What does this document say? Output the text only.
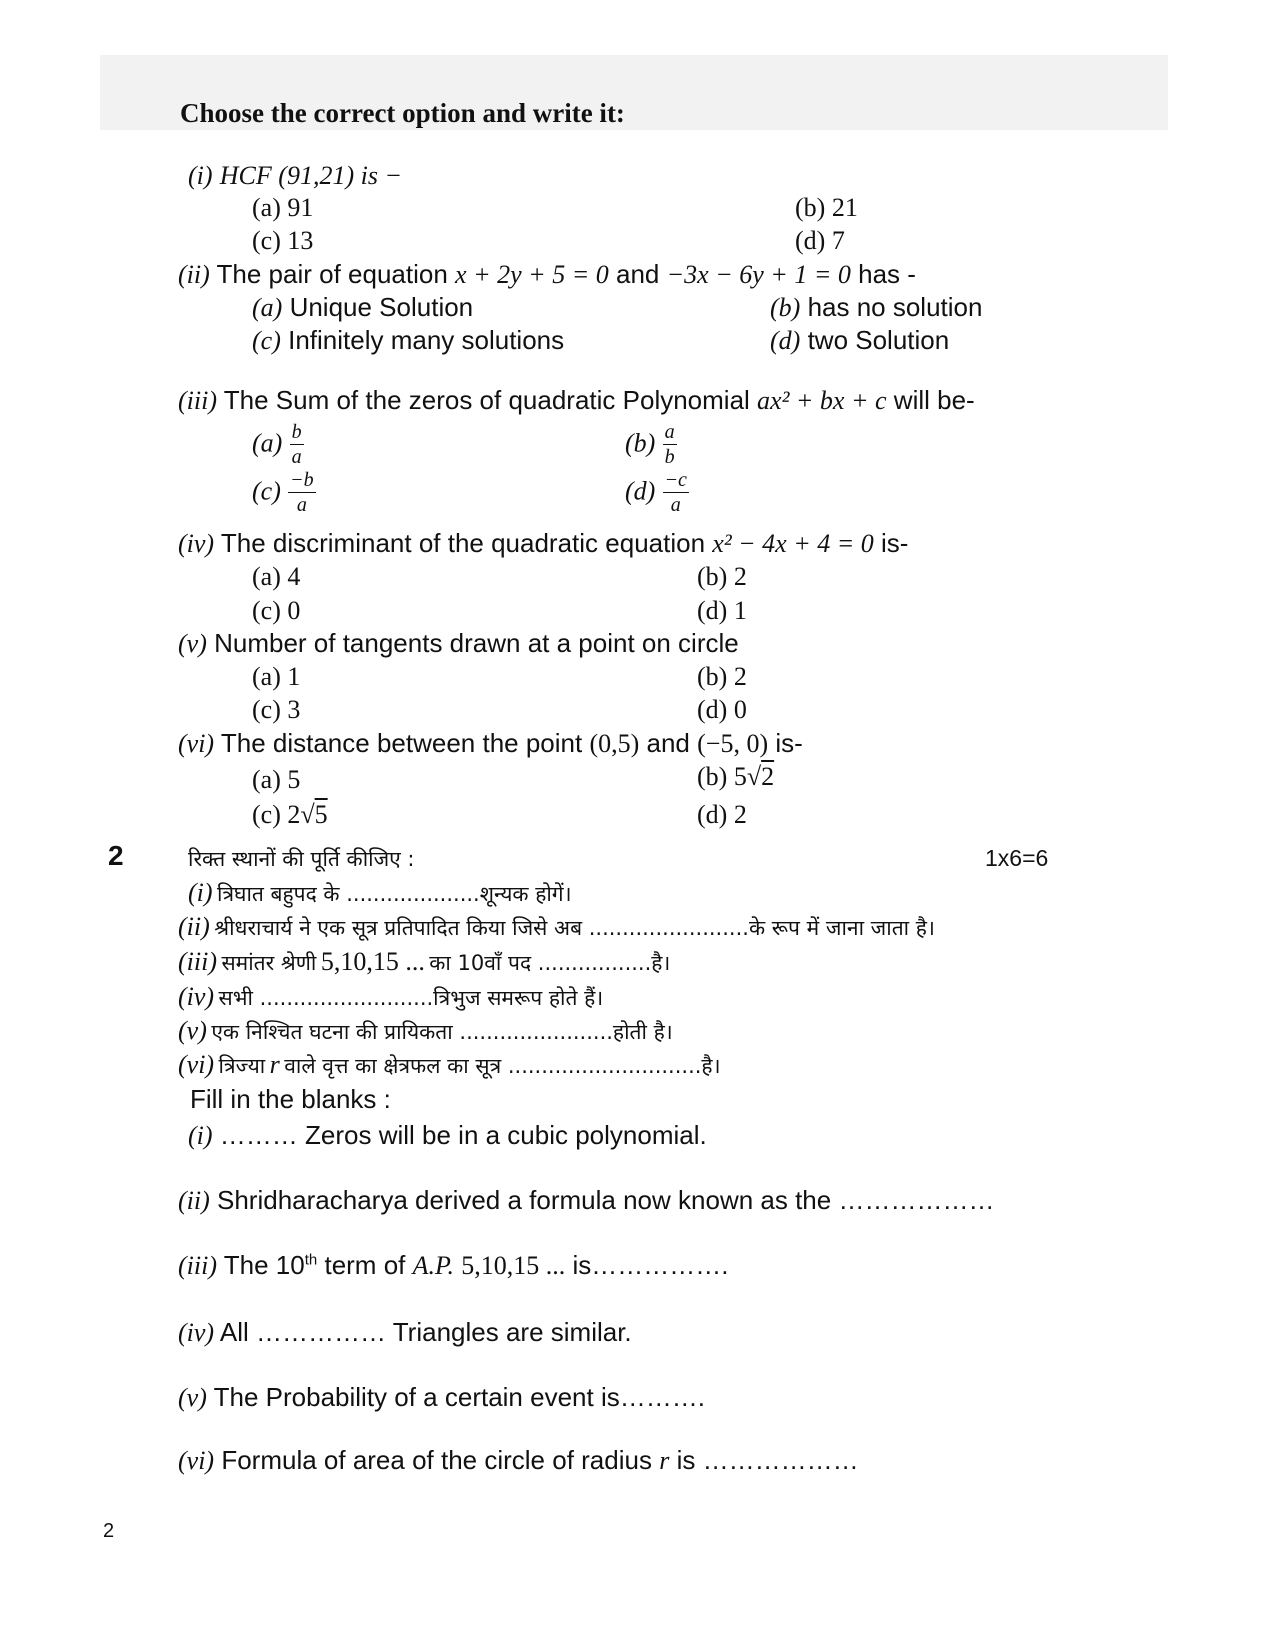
Choose the correct option and write it:
(i) HCF (91,21) is −
(a) 91	(b) 21
(c) 13	(d) 7
(ii) The pair of equation x + 2y + 5 = 0 and −3x − 6y + 1 = 0 has -
(a) Unique Solution	(b) has no solution
(c) Infinitely many solutions	(d) two Solution
(iii) The Sum of the zeros of quadratic Polynomial ax² + bx + c will be-
$(a) \frac{b}{a}$	$(b) \frac{a}{b}$
$(c) \frac{-b}{a}$	$(d) \frac{-c}{a}$
(iv) The discriminant of the quadratic equation x² − 4x + 4 = 0 is-
(a) 4	(b) 2
(c) 0	(d) 1
(v) Number of tangents drawn at a point on circle
(a) 1	(b) 2
(c) 3	(d) 0
(vi) The distance between the point (0,5) and (−5, 0) is-
(a) 5	(b) 5√2
(c) 2√5	(d) 2
2	रिक्त स्थानों की पूर्ति कीजिए :	1x6=6
(i) त्रिघात बहुपद के ....................शून्यक होगें।
(ii) श्रीधराचार्य ने एक सूत्र प्रतिपादित किया जिसे अब ........................के रूप में जाना जाता है।
(iii) समांतर श्रेणी 5,10,15 ... का 10वॉं पद .................है।
(iv) सभी ..........................त्रिभुज समरूप होते हैं।
(v) एक निश्चित घटना की प्रायिकता .......................होती है।
(vi) त्रिज्या r वाले वृत्त का क्षेत्रफल का सूत्र .............................है।
Fill in the blanks :
(i) ……… Zeros will be in a cubic polynomial.
(ii) Shridharacharya derived a formula now known as the ………………
(iii) The 10th term of A.P. 5,10,15 ... is…………….
(iv) All …………… Triangles are similar.
(v) The Probability of a certain event is……….
(vi) Formula of area of the circle of radius r is ………………
2
